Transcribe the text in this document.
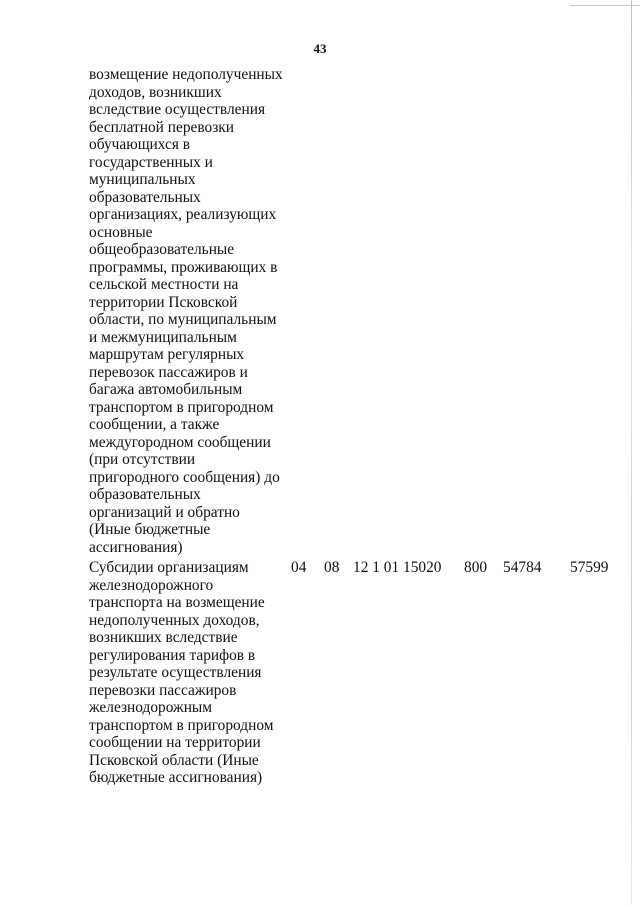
43
возмещение недополученных
доходов, возникших
вследствие осуществления
бесплатной перевозки
обучающихся в
государственных и
муниципальных
образовательных
организациях, реализующих
основные
общеобразовательные
программы, проживающих в
сельской местности на
территории Псковской
области, по муниципальным
и межмуниципальным
маршрутам регулярных
перевозок пассажиров и
багажа автомобильным
транспортом в пригородном
сообщении, а также
междугородном сообщении
(при отсутствии
пригородного сообщения) до
образовательных
организаций и обратно
(Иные бюджетные
ассигнования)
Субсидии организациям
железнодорожного
транспорта на возмещение
недополученных доходов,
возникших вследствие
регулирования тарифов в
результате осуществления
перевозки пассажиров
железнодорожным
транспортом в пригородном
сообщении на территории
Псковской области (Иные
бюджетные ассигнования)
04 08 12 1 01 15020 800 54784 57599
